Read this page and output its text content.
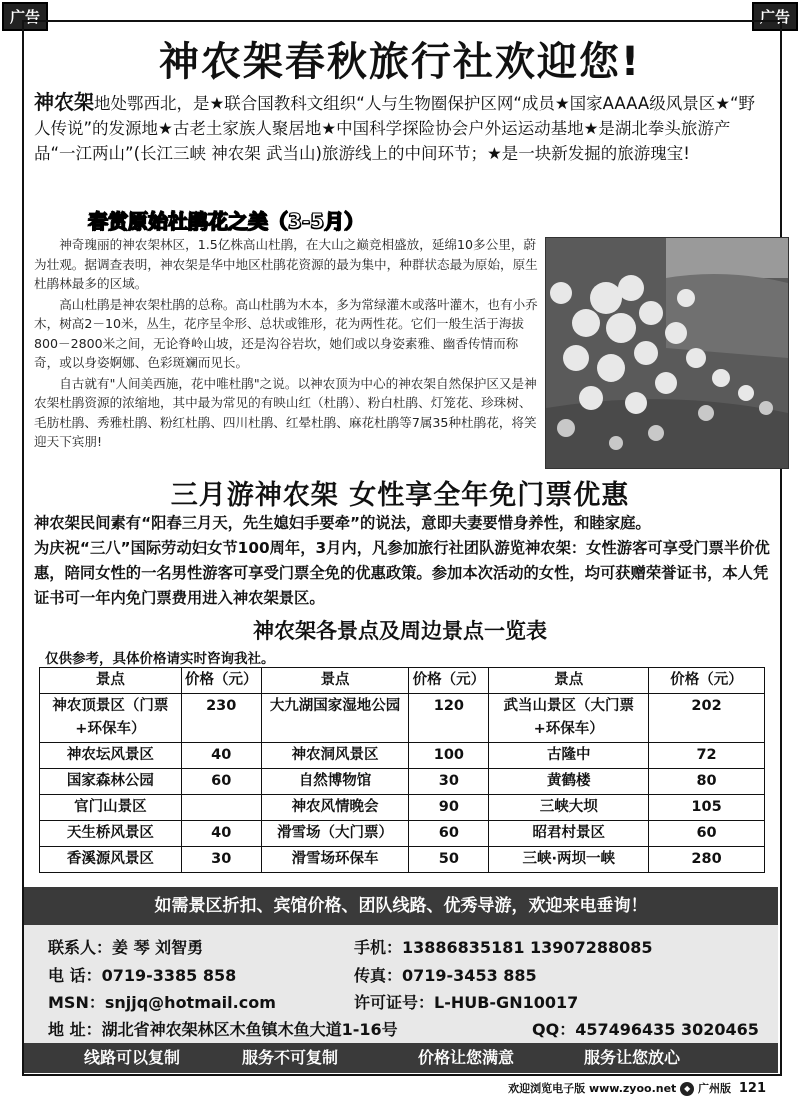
广告	广告
神农架春秋旅行社欢迎您!
神农架地处鄂西北，是★联合国教科文组织“人与生物圈保护区网“成员★国家AAAA级风景区★“野人传说”的发源地★古老土家族人聚居地★中国科学探险协会户外运运动基地★是湖北拳头旅游产品“一江两山”(长江三峡 神农架 武当山)旅游线上的中间环节；★是一块新发掘的旅游瑰宝!
春赏原始杜鹃花之美（3-5月）

神奇瑰丽的神农架林区，1.5亿株高山杜鹃，在大山之巅竞相盛放，延绵10多公里，蔚为壮观。据调查表明，神农架是华中地区杜鹃花资源的最为集中，种群状态最为原始，原生杜鹃林最多的区域。

高山杜鹃是神农架杜鹃的总称。高山杜鹃为木本，多为常绿灌木或落叶灌木，也有小乔木，树高2－10米，丛生，花序呈伞形、总状或锥形，花为两性花。它们一般生活于海拔800－2800米之间，无论脊岭山坡，还是沟谷岩坎，她们或以身姿素雅、幽香传情而称奇，或以身姿婀娜、色彩斑斓而见长。

自古就有"人间美西施，花中唯杜鹃"之说。以神农顶为中心的神农架自然保护区又是神农架杜鹃资源的浓缩地，其中最为常见的有映山红（杜鹃）、粉白杜鹃、灯笼花、珍珠树、毛肪杜鹃、秀雅杜鹃、粉红杜鹃、四川杜鹃、红晕杜鹃、麻花杜鹃等7属35种杜鹃花，将笑迎天下宾朋!

三月游神农架 女性享全年免门票优惠

神农架民间素有“阳春三月天，先生媳妇手要牵”的说法，意即夫妻要惜身养性，和睦家庭。

为庆祝“三八”国际劳动妇女节100周年，3月内，凡参加旅行社团队游览神农架：女性游客可享受门票半价优惠，陪同女性的一名男性游客可享受门票全免的优惠政策。参加本次活动的女性，均可获赠荣誉证书，本人凭证书可一年内免门票费用进入神农架景区。

神农架各景点及周边景点一览表
仅供参考，具体价格请实时咨询我社。
景点	价格（元）	景点	价格（元）	景点	价格（元）
神农顶景区（门票+环保车）	230	大九湖国家湿地公园	120	武当山景区（大门票+环保车）	202
神农坛风景区	40	神农洞风景区	100	古隆中	72
国家森林公园	60	自然博物馆	30	黄鹤楼	80
官门山景区		神农风情晚会	90	三峡大坝	105
天生桥风景区	40	滑雪场（大门票）	60	昭君村景区	60
香溪源风景区	30	滑雪场环保车	50	三峡·两坝一峡	280
如需景区折扣、宾馆价格、团队线路、优秀导游，欢迎来电垂询！
联系人：姜 琴 刘智勇	手机：13886835181 13907288085
电 话：0719-3385 858	传真：0719-3453 885
MSN：snjjq@hotmail.com	许可证号：L-HUB-GN10017
地 址：湖北省神农架林区木鱼镇木鱼大道1-16号	QQ：457496435 3020465
线路可以复制	服务不可复制	价格让您满意	服务让您放心
欢迎浏览电子版 www.zyoo.net ◆ 广州版 121
